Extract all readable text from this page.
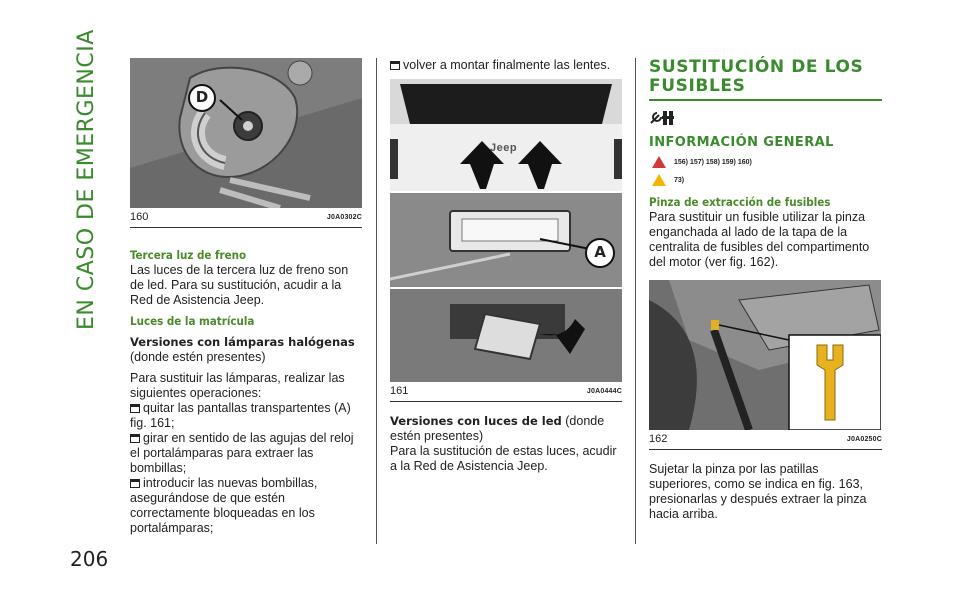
EN CASO DE EMERGENCIA
206
D
160	J0A0302C

Tercera luz de freno

Las luces de la tercera luz de freno son de led. Para su sustitución, acudir a la Red de Asistencia Jeep.

Luces de la matrícula

Versiones con lámparas halógenas (donde estén presentes)

Para sustituir las lámparas, realizar las siguientes operaciones:

quitar las pantallas transpartentes (A) fig. 161;

girar en sentido de las agujas del reloj el portalámparas para extraer las bombillas;

introducir las nuevas bombillas, asegurándose de que estén correctamente bloqueadas en los portalámparas;

volver a montar finalmente las lentes.

Jeep
A
161	J0A0444C

Versiones con luces de led (donde estén presentes)

Para la sustitución de estas luces, acudir a la Red de Asistencia Jeep.

SUSTITUCIÓN DE LOS FUSIBLES

INFORMACIÓN GENERAL

156) 157) 158) 159) 160)
73)

Pinza de extracción de fusibles

Para sustituir un fusible utilizar la pinza enganchada al lado de la tapa de la centralita de fusibles del compartimento del motor (ver fig. 162).

162	J0A0250C

Sujetar la pinza por las patillas superiores, como se indica en fig. 163, presionarlas y después extraer la pinza hacia arriba.
